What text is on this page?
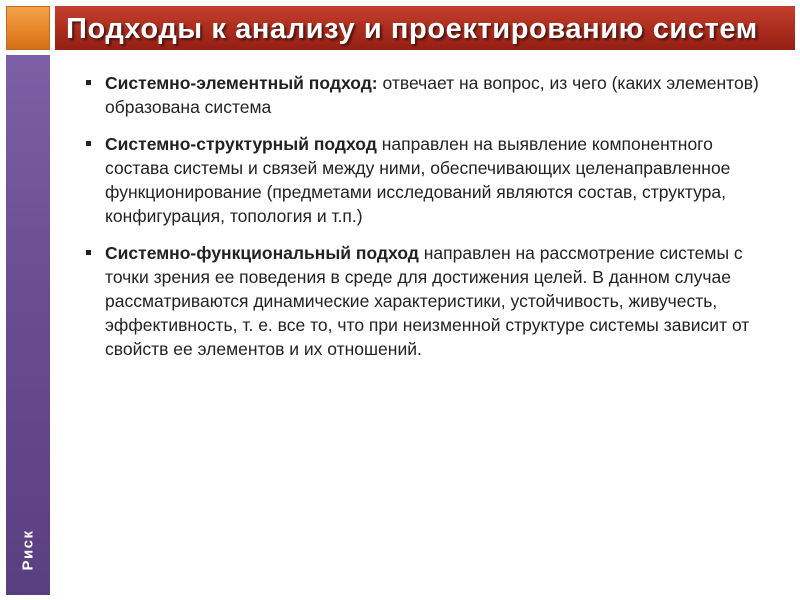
Подходы к анализу и проектированию систем
Риск
Системно-элементный подход: отвечает на вопрос, из чего (каких элементов) образована система
Системно-структурный подход направлен на выявление компонентного состава системы и связей между ними, обеспечивающих целенаправленное функционирование (предметами исследований являются состав, структура, конфигурация, топология и т.п.)
Системно-функциональный подход направлен на рассмотрение системы с точки зрения ее поведения в среде для достижения целей. В данном случае рассматриваются динамические характеристики, устойчивость, живучесть, эффективность, т. е. все то, что при неизменной структуре системы зависит от свойств ее элементов и их отношений.
